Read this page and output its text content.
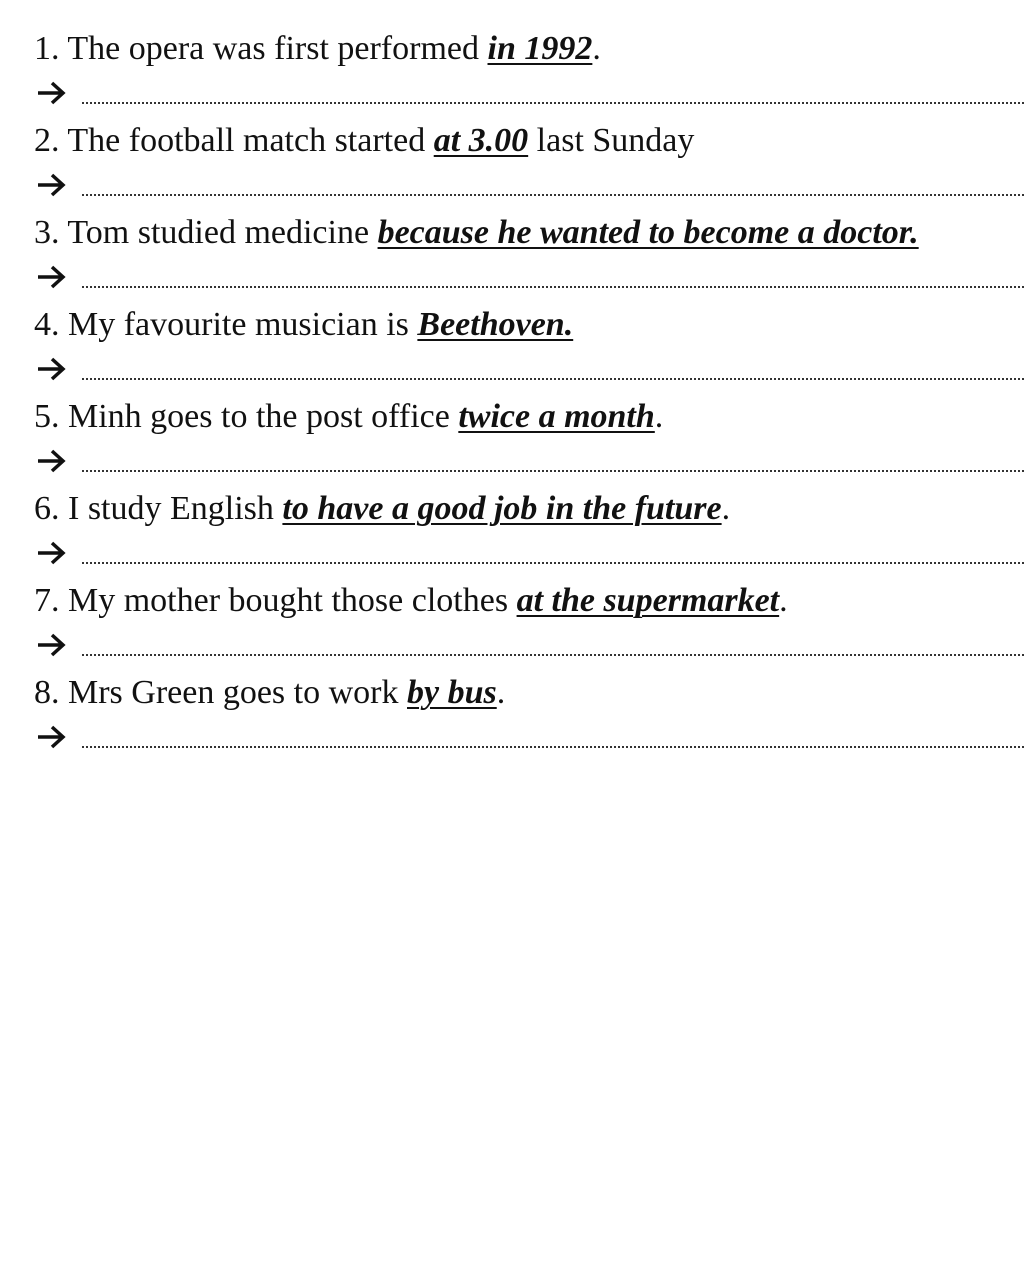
1. The opera was first performed in 1992.
2. The football match started at 3.00 last Sunday
3. Tom studied medicine because he wanted to become a doctor.
4. My favourite musician is Beethoven.
5. Minh goes to the post office twice a month.
6. I study English to have a good job in the future.
7. My mother bought those clothes at the supermarket.
8. Mrs Green goes to work by bus.
